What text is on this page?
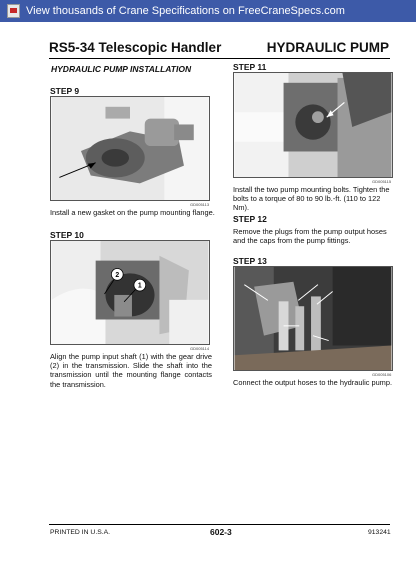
View thousands of Crane Specifications on FreeCraneSpecs.com
RS5-34 Telescopic Handler	HYDRAULIC PUMP
HYDRAULIC PUMP INSTALLATION
STEP 9
GD005113
Install a new gasket on the pump mounting flange.
STEP 10
2
1
GD005114
Align the pump input shaft (1) with the gear drive (2) in the transmission. Slide the shaft into the transmission until the mounting flange contacts the transmission.
STEP 11
GD005115
Install the two pump mounting bolts. Tighten the bolts to a torque of 80 to 90 lb.-ft. (110 to 122 Nm).
STEP 12
Remove the plugs from the pump output hoses and the caps from the pump fittings.
STEP 13
GD005106
Connect the output hoses to the hydraulic pump.
PRINTED IN U.S.A.	602-3	913241
